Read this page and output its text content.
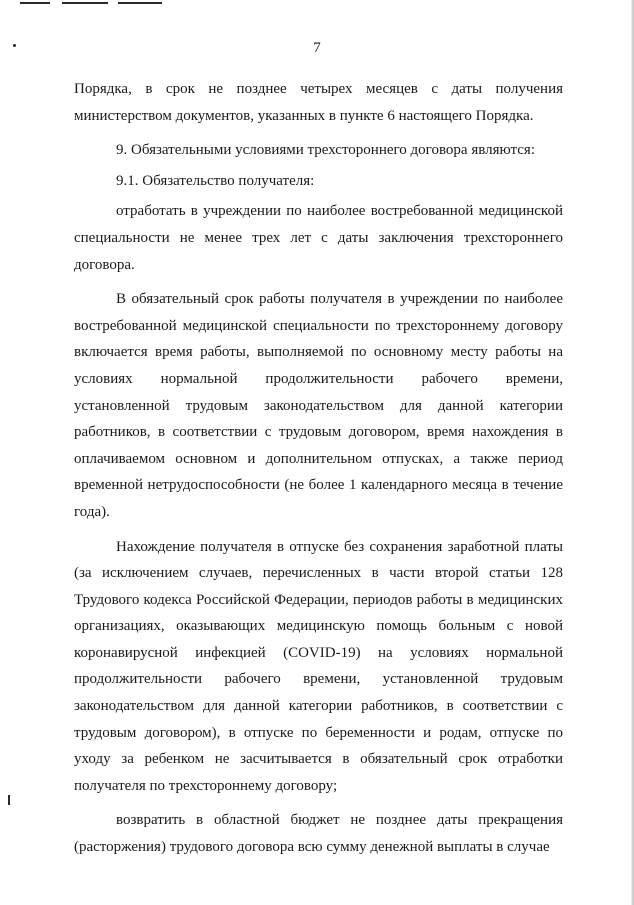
7

Порядка, в срок не позднее четырех месяцев с даты получения министерством документов, указанных в пункте 6 настоящего Порядка.

9. Обязательными условиями трехстороннего договора являются:

9.1. Обязательство получателя:

отработать в учреждении по наиболее востребованной медицинской специальности не менее трех лет с даты заключения трехстороннего договора.

В обязательный срок работы получателя в учреждении по наиболее востребованной медицинской специальности по трехстороннему договору включается время работы, выполняемой по основному месту работы на условиях нормальной продолжительности рабочего времени, установленной трудовым законодательством для данной категории работников, в соответствии с трудовым договором, время нахождения в оплачиваемом основном и дополнительном отпусках, а также период временной нетрудоспособности (не более 1 календарного месяца в течение года).

Нахождение получателя в отпуске без сохранения заработной платы (за исключением случаев, перечисленных в части второй статьи 128 Трудового кодекса Российской Федерации, периодов работы в медицинских организациях, оказывающих медицинскую помощь больным с новой коронавирусной инфекцией (COVID-19) на условиях нормальной продолжительности рабочего времени, установленной трудовым законодательством для данной категории работников, в соответствии с трудовым договором), в отпуске по беременности и родам, отпуске по уходу за ребенком не засчитывается в обязательный срок отработки получателя по трехстороннему договору;

возвратить в областной бюджет не позднее даты прекращения (расторжения) трудового договора всю сумму денежной выплаты в случае
